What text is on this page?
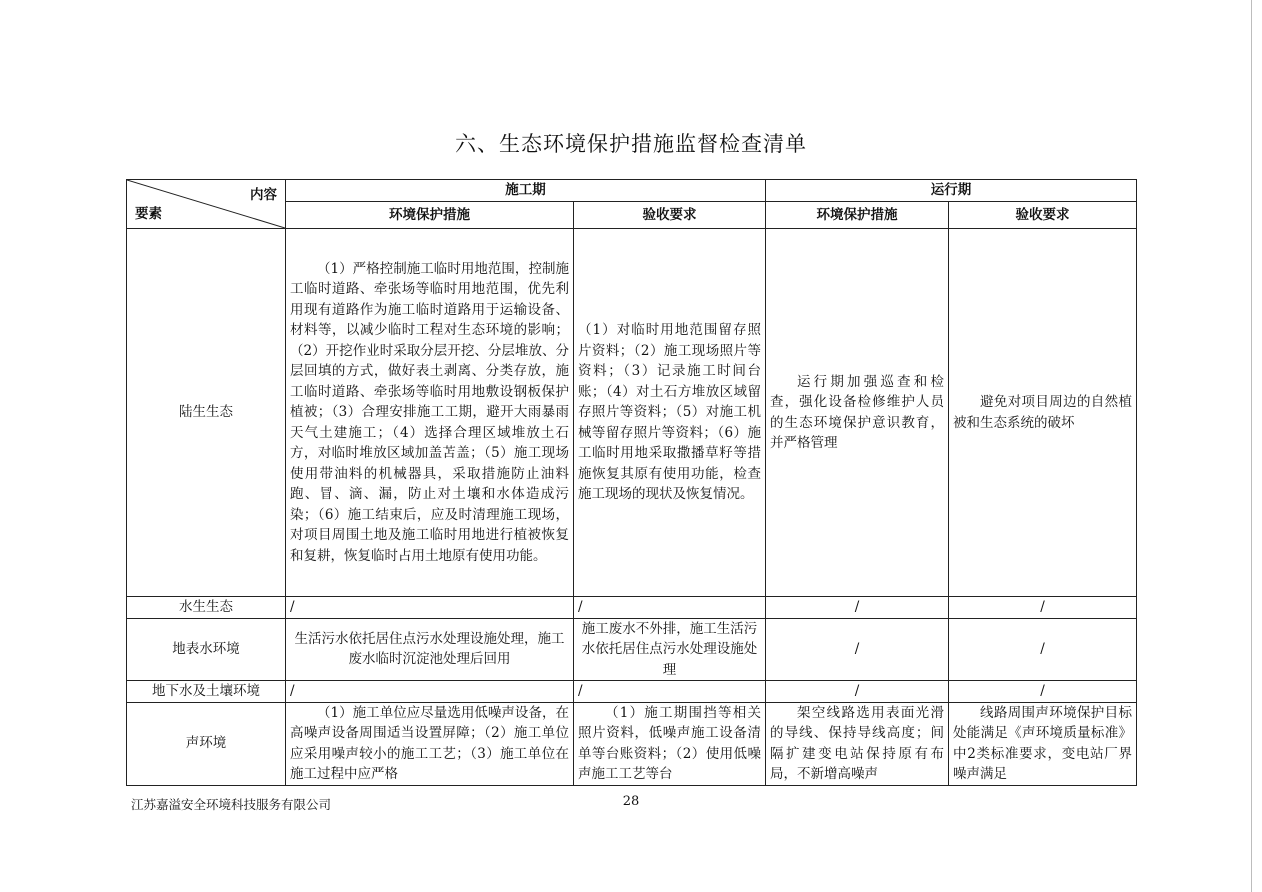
六、生态环境保护措施监督检查清单
内容
要素	施工期		运行期	
	环境保护措施	验收要求	环境保护措施	验收要求
陆生生态	（1）严格控制施工临时用地范围，控制施工临时道路、牵张场等临时用地范围，优先利用现有道路作为施工临时道路用于运输设备、材料等，以减少临时工程对生态环境的影响；（2）开挖作业时采取分层开挖、分层堆放、分层回填的方式，做好表土剥离、分类存放，施工临时道路、牵张场等临时用地敷设钢板保护植被；（3）合理安排施工工期，避开大雨暴雨天气土建施工；（4）选择合理区域堆放土石方，对临时堆放区域加盖苫盖；（5）施工现场使用带油料的机械器具，采取措施防止油料跑、冒、滴、漏，防止对土壤和水体造成污染；（6）施工结束后，应及时清理施工现场，对项目周围土地及施工临时用地进行植被恢复和复耕，恢复临时占用土地原有使用功能。	（1）对临时用地范围留存照片资料；（2）施工现场照片等资料；（3）记录施工时间台账；（4）对土石方堆放区域留存照片等资料；（5）对施工机械等留存照片等资料；（6）施工临时用地采取撒播草籽等措施恢复其原有使用功能，检查施工现场的现状及恢复情况。	运行期加强巡查和检查，强化设备检修维护人员的生态环境保护意识教育，并严格管理	避免对项目周边的自然植被和生态系统的破坏
水生生态	/	/	/	/
地表水环境	生活污水依托居住点污水处理设施处理，施工废水临时沉淀池处理后回用	施工废水不外排，施工生活污水依托居住点污水处理设施处理	/	/
地下水及土壤环境	/	/	/	/
声环境	（1）施工单位应尽量选用低噪声设备，在高噪声设备周围适当设置屏障；（2）施工单位应采用噪声较小的施工工艺；（3）施工单位在施工过程中应严格	（1）施工期围挡等相关照片资料，低噪声施工设备清单等台账资料；（2）使用低噪声施工工艺等台	架空线路选用表面光滑的导线、保持导线高度；间隔扩建变电站保持原有布局，不新增高噪声	线路周围声环境保护目标处能满足《声环境质量标准》中2类标准要求，变电站厂界噪声满足
江苏嘉溢安全环境科技服务有限公司	28
